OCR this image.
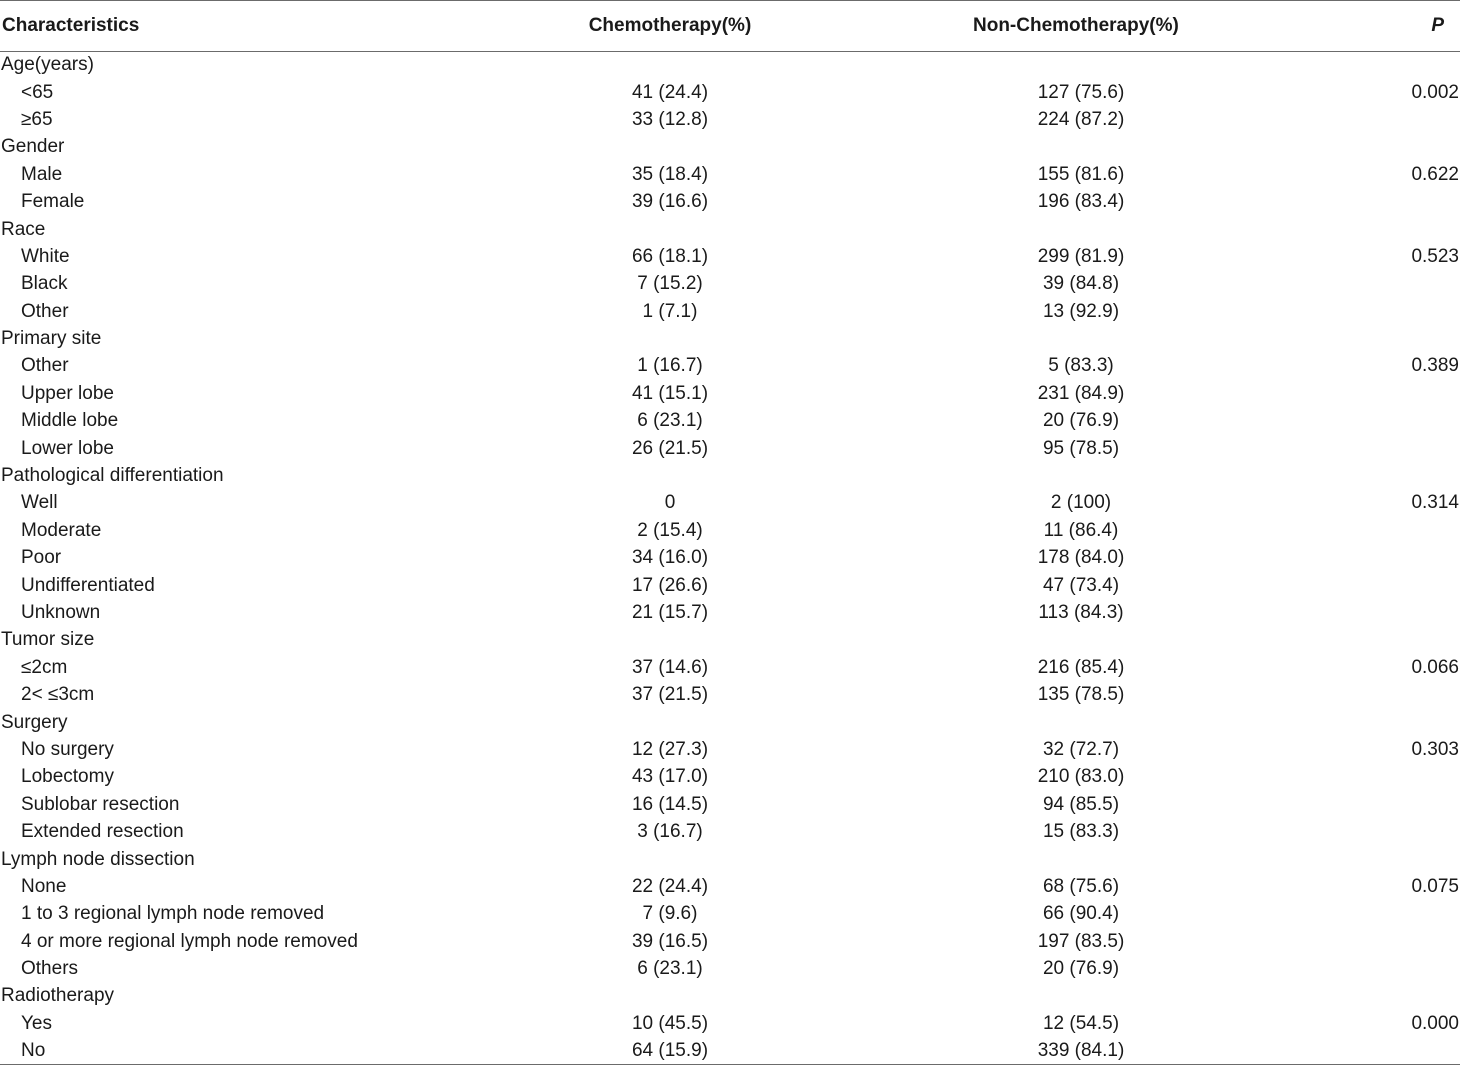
Characteristics	Chemotherapy(%)	Non-Chemotherapy(%)	P
Age(years)			
<65	41 (24.4)	127 (75.6)	0.002
≥65	33 (12.8)	224 (87.2)	
Gender			
Male	35 (18.4)	155 (81.6)	0.622
Female	39 (16.6)	196 (83.4)	
Race			
White	66 (18.1)	299 (81.9)	0.523
Black	7 (15.2)	39 (84.8)	
Other	1 (7.1)	13 (92.9)	
Primary site			
Other	1 (16.7)	5 (83.3)	0.389
Upper lobe	41 (15.1)	231 (84.9)	
Middle lobe	6 (23.1)	20 (76.9)	
Lower lobe	26 (21.5)	95 (78.5)	
Pathological differentiation			
Well	0	2 (100)	0.314
Moderate	2 (15.4)	11 (86.4)	
Poor	34 (16.0)	178 (84.0)	
Undifferentiated	17 (26.6)	47 (73.4)	
Unknown	21 (15.7)	113 (84.3)	
Tumor size			
≤2cm	37 (14.6)	216 (85.4)	0.066
2< ≤3cm	37 (21.5)	135 (78.5)	
Surgery			
No surgery	12 (27.3)	32 (72.7)	0.303
Lobectomy	43 (17.0)	210 (83.0)	
Sublobar resection	16 (14.5)	94 (85.5)	
Extended resection	3 (16.7)	15 (83.3)	
Lymph node dissection			
None	22 (24.4)	68 (75.6)	0.075
1 to 3 regional lymph node removed	7 (9.6)	66 (90.4)	
4 or more regional lymph node removed	39 (16.5)	197 (83.5)	
Others	6 (23.1)	20 (76.9)	
Radiotherapy			
Yes	10 (45.5)	12 (54.5)	0.000
No	64 (15.9)	339 (84.1)	
